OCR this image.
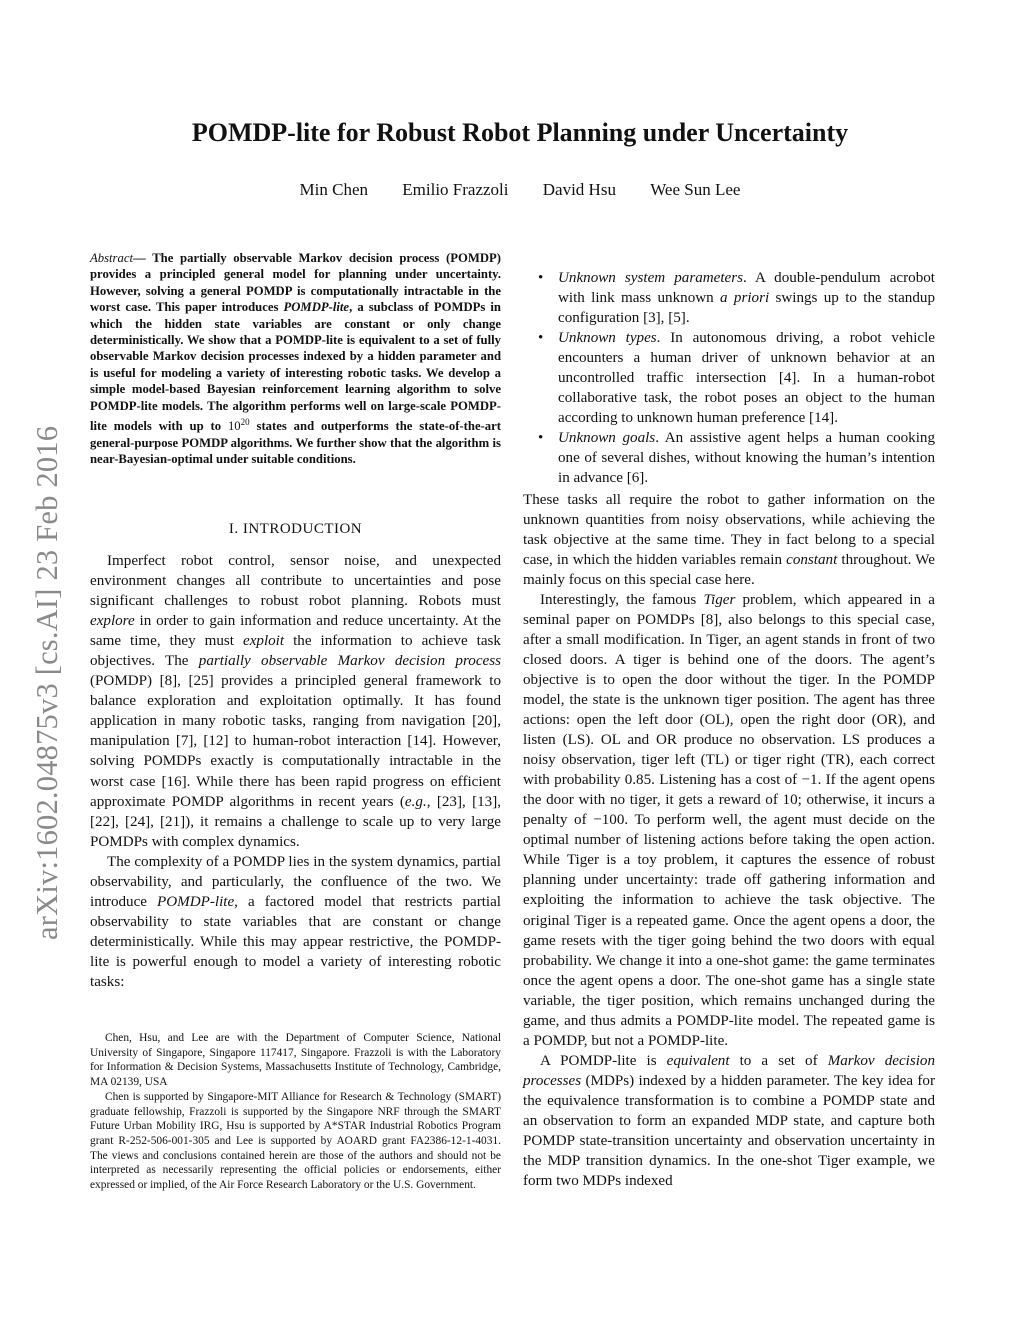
arXiv:1602.04875v3 [cs.AI] 23 Feb 2016
POMDP-lite for Robust Robot Planning under Uncertainty
Min Chen Emilio Frazzoli David Hsu Wee Sun Lee
Abstract— The partially observable Markov decision process (POMDP) provides a principled general model for planning under uncertainty. However, solving a general POMDP is computationally intractable in the worst case. This paper introduces POMDP-lite, a subclass of POMDPs in which the hidden state variables are constant or only change deterministically. We show that a POMDP-lite is equivalent to a set of fully observable Markov decision processes indexed by a hidden parameter and is useful for modeling a variety of interesting robotic tasks. We develop a simple model-based Bayesian reinforcement learning algorithm to solve POMDP-lite models. The algorithm performs well on large-scale POMDP-lite models with up to $10^{20}$ states and outperforms the state-of-the-art general-purpose POMDP algorithms. We further show that the algorithm is near-Bayesian-optimal under suitable conditions.
I. INTRODUCTION

Imperfect robot control, sensor noise, and unexpected environment changes all contribute to uncertainties and pose significant challenges to robust robot planning. Robots must explore in order to gain information and reduce uncertainty. At the same time, they must exploit the information to achieve task objectives. The partially observable Markov decision process (POMDP) [8], [25] provides a principled general framework to balance exploration and exploitation optimally. It has found application in many robotic tasks, ranging from navigation [20], manipulation [7], [12] to human-robot interaction [14]. However, solving POMDPs exactly is computationally intractable in the worst case [16]. While there has been rapid progress on efficient approximate POMDP algorithms in recent years (e.g., [23], [13], [22], [24], [21]), it remains a challenge to scale up to very large POMDPs with complex dynamics.

The complexity of a POMDP lies in the system dynamics, partial observability, and particularly, the confluence of the two. We introduce POMDP-lite, a factored model that restricts partial observability to state variables that are constant or change deterministically. While this may appear restrictive, the POMDP-lite is powerful enough to model a variety of interesting robotic tasks:

Chen, Hsu, and Lee are with the Department of Computer Science, National University of Singapore, Singapore 117417, Singapore. Frazzoli is with the Laboratory for Information & Decision Systems, Massachusetts Institute of Technology, Cambridge, MA 02139, USA

Chen is supported by Singapore-MIT Alliance for Research & Technology (SMART) graduate fellowship, Frazzoli is supported by the Singapore NRF through the SMART Future Urban Mobility IRG, Hsu is supported by A*STAR Industrial Robotics Program grant R-252-506-001-305 and Lee is supported by AOARD grant FA2386-12-1-4031. The views and conclusions contained herein are those of the authors and should not be interpreted as necessarily representing the official policies or endorsements, either expressed or implied, of the Air Force Research Laboratory or the U.S. Government.

• Unknown system parameters. A double-pendulum acrobot with link mass unknown a priori swings up to the standup configuration [3], [5].
• Unknown types. In autonomous driving, a robot vehicle encounters a human driver of unknown behavior at an uncontrolled traffic intersection [4]. In a human-robot collaborative task, the robot poses an object to the human according to unknown human preference [14].
• Unknown goals. An assistive agent helps a human cooking one of several dishes, without knowing the human’s intention in advance [6].

These tasks all require the robot to gather information on the unknown quantities from noisy observations, while achieving the task objective at the same time. They in fact belong to a special case, in which the hidden variables remain constant throughout. We mainly focus on this special case here.

Interestingly, the famous Tiger problem, which appeared in a seminal paper on POMDPs [8], also belongs to this special case, after a small modification. In Tiger, an agent stands in front of two closed doors. A tiger is behind one of the doors. The agent’s objective is to open the door without the tiger. In the POMDP model, the state is the unknown tiger position. The agent has three actions: open the left door (OL), open the right door (OR), and listen (LS). OL and OR produce no observation. LS produces a noisy observation, tiger left (TL) or tiger right (TR), each correct with probability 0.85. Listening has a cost of −1. If the agent opens the door with no tiger, it gets a reward of 10; otherwise, it incurs a penalty of −100. To perform well, the agent must decide on the optimal number of listening actions before taking the open action. While Tiger is a toy problem, it captures the essence of robust planning under uncertainty: trade off gathering information and exploiting the information to achieve the task objective. The original Tiger is a repeated game. Once the agent opens a door, the game resets with the tiger going behind the two doors with equal probability. We change it into a one-shot game: the game terminates once the agent opens a door. The one-shot game has a single state variable, the tiger position, which remains unchanged during the game, and thus admits a POMDP-lite model. The repeated game is a POMDP, but not a POMDP-lite.

A POMDP-lite is equivalent to a set of Markov decision processes (MDPs) indexed by a hidden parameter. The key idea for the equivalence transformation is to combine a POMDP state and an observation to form an expanded MDP state, and capture both POMDP state-transition uncertainty and observation uncertainty in the MDP transition dynamics. In the one-shot Tiger example, we form two MDPs indexed
